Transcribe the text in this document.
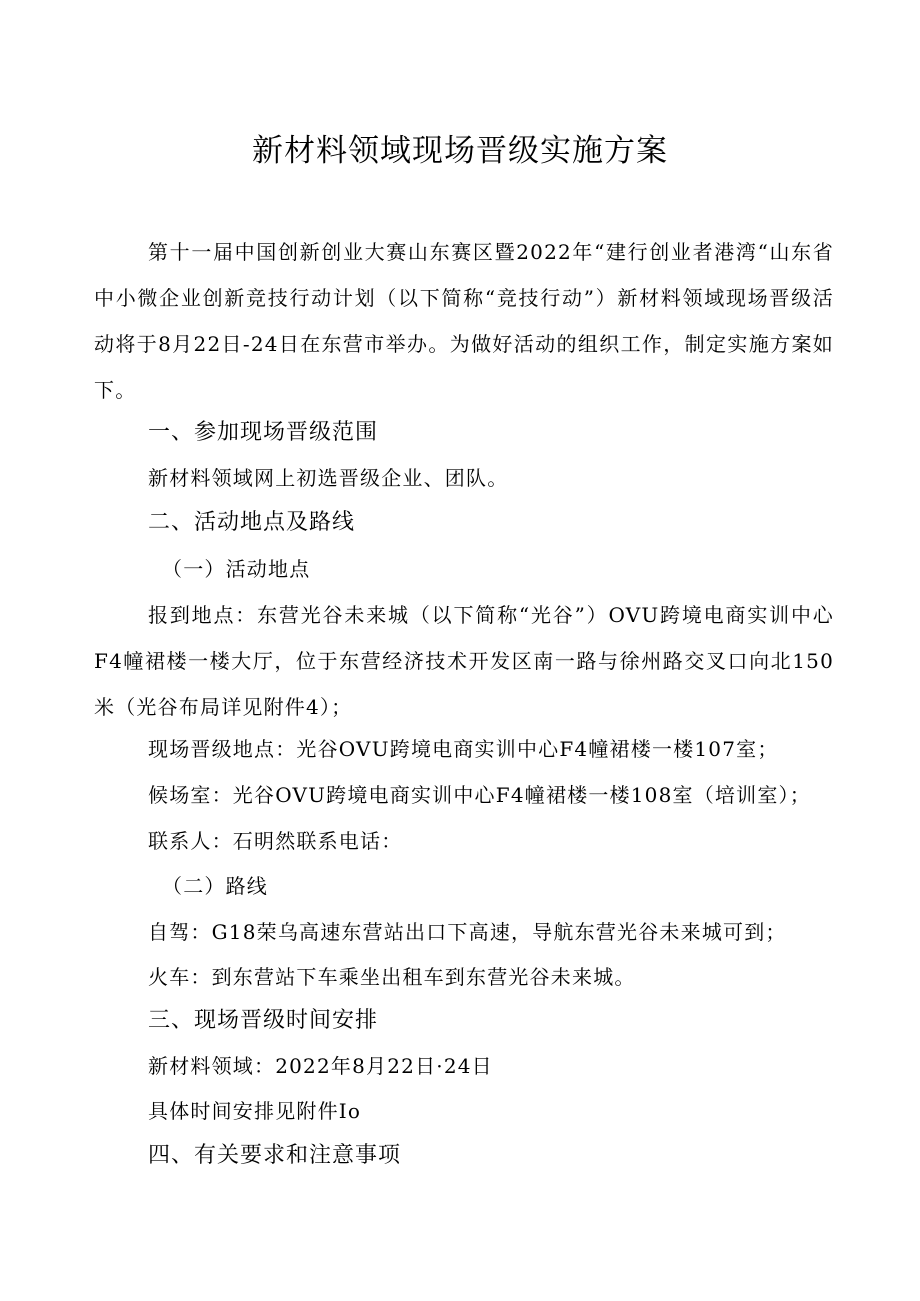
新材料领域现场晋级实施方案

第十一届中国创新创业大赛山东赛区暨2022年“建行创业者港湾“山东省中小微企业创新竞技行动计划（以下简称“竞技行动”）新材料领域现场晋级活动将于8月22日-24日在东营市举办。为做好活动的组织工作，制定实施方案如下。

一、参加现场晋级范围

新材料领域网上初选晋级企业、团队。

二、活动地点及路线

（一）活动地点

报到地点：东营光谷未来城（以下简称“光谷”）OVU跨境电商实训中心F4幢裙楼一楼大厅，位于东营经济技术开发区南一路与徐州路交叉口向北150米（光谷布局详见附件4）；

现场晋级地点：光谷OVU跨境电商实训中心F4幢裙楼一楼107室；

候场室：光谷OVU跨境电商实训中心F4幢裙楼一楼108室（培训室）；

联系人：石明然联系电话：

（二）路线

自驾：G18荣乌高速东营站出口下高速，导航东营光谷未来城可到；

火车：到东营站下车乘坐出租车到东营光谷未来城。

三、现场晋级时间安排

新材料领域：2022年8月22日·24日

具体时间安排见附件Io

四、有关要求和注意事项
